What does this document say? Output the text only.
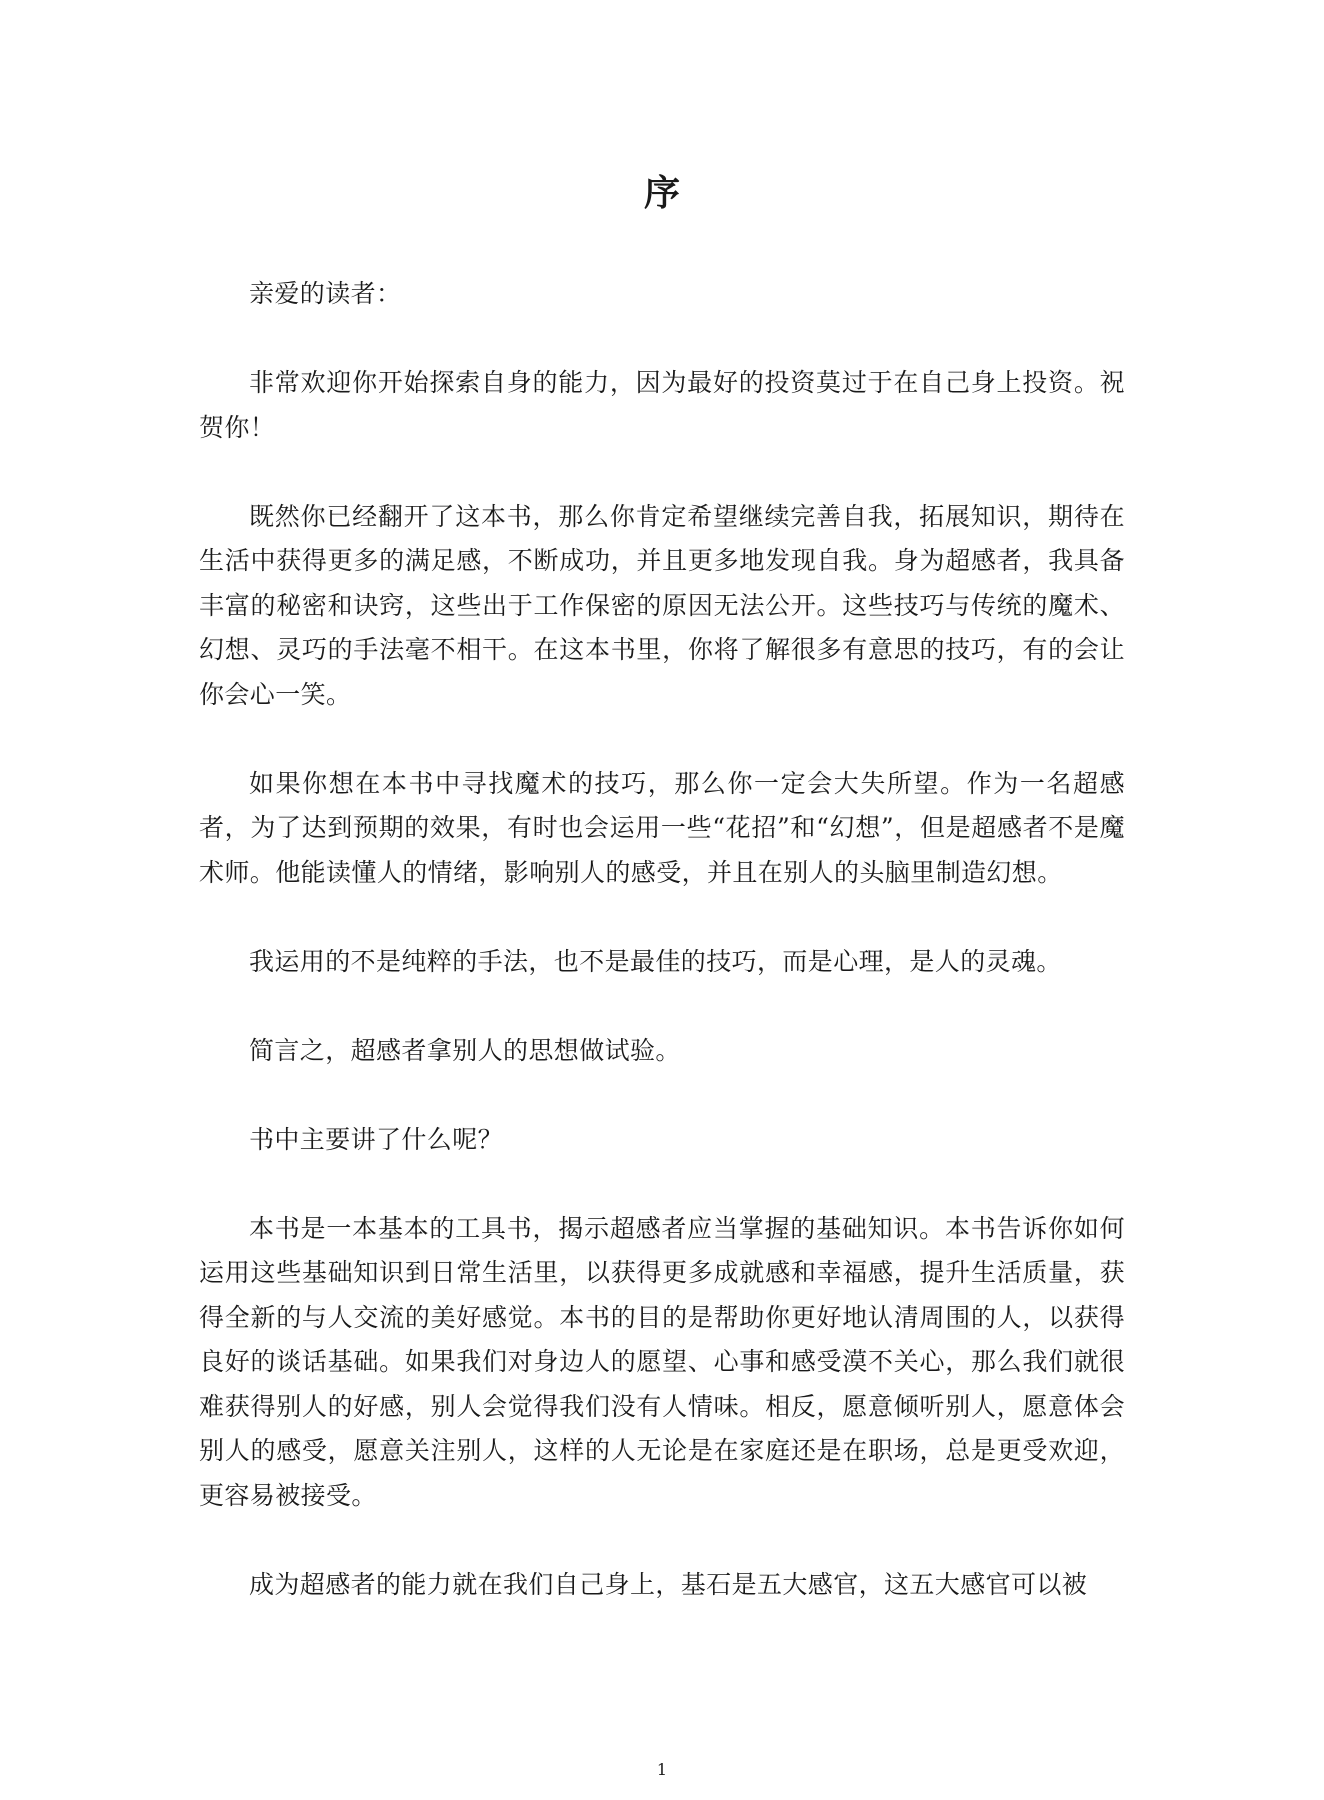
序

亲爱的读者：

非常欢迎你开始探索自身的能力，因为最好的投资莫过于在自己身上投资。祝贺你！

既然你已经翻开了这本书，那么你肯定希望继续完善自我，拓展知识，期待在生活中获得更多的满足感，不断成功，并且更多地发现自我。身为超感者，我具备丰富的秘密和诀窍，这些出于工作保密的原因无法公开。这些技巧与传统的魔术、幻想、灵巧的手法毫不相干。在这本书里，你将了解很多有意思的技巧，有的会让你会心一笑。

如果你想在本书中寻找魔术的技巧，那么你一定会大失所望。作为一名超感者，为了达到预期的效果，有时也会运用一些“花招”和“幻想”，但是超感者不是魔术师。他能读懂人的情绪，影响别人的感受，并且在别人的头脑里制造幻想。

我运用的不是纯粹的手法，也不是最佳的技巧，而是心理，是人的灵魂。

简言之，超感者拿别人的思想做试验。

书中主要讲了什么呢？

本书是一本基本的工具书，揭示超感者应当掌握的基础知识。本书告诉你如何运用这些基础知识到日常生活里，以获得更多成就感和幸福感，提升生活质量，获得全新的与人交流的美好感觉。本书的目的是帮助你更好地认清周围的人，以获得良好的谈话基础。如果我们对身边人的愿望、心事和感受漠不关心，那么我们就很难获得别人的好感，别人会觉得我们没有人情味。相反，愿意倾听别人，愿意体会别人的感受，愿意关注别人，这样的人无论是在家庭还是在职场，总是更受欢迎，更容易被接受。

成为超感者的能力就在我们自己身上，基石是五大感官，这五大感官可以被

1
